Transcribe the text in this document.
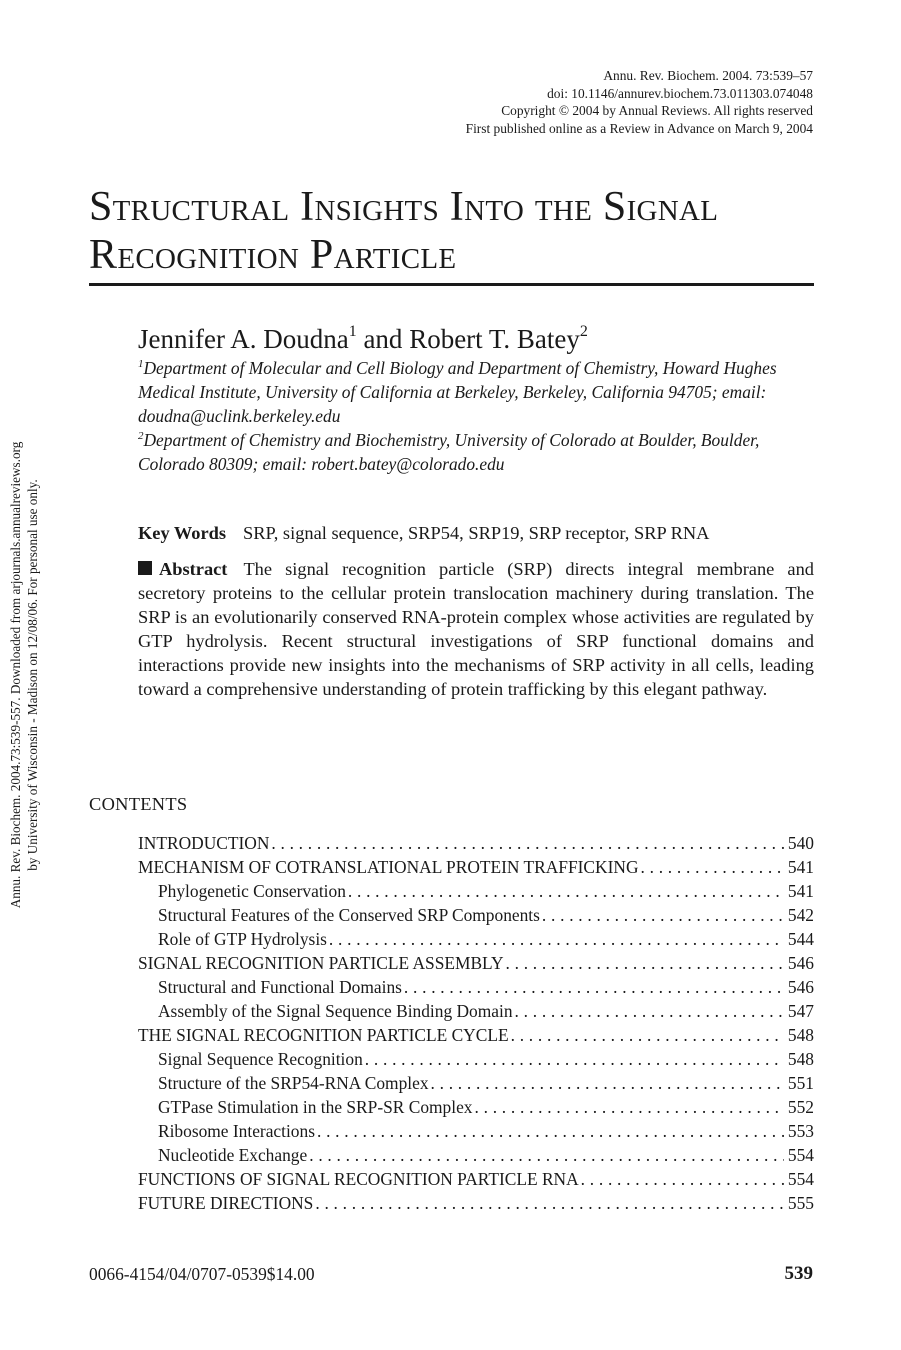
Annu. Rev. Biochem. 2004.73:539-557. Downloaded from arjournals.annualreviews.org by University of Wisconsin - Madison on 12/08/06. For personal use only.
Annu. Rev. Biochem. 2004. 73:539–57
doi: 10.1146/annurev.biochem.73.011303.074048
Copyright © 2004 by Annual Reviews. All rights reserved
First published online as a Review in Advance on March 9, 2004
Structural Insights Into the Signal
Recognition Particle
Jennifer A. Doudna$^1$ and Robert T. Batey$^2$
$^1$Department of Molecular and Cell Biology and Department of Chemistry, Howard Hughes Medical Institute, University of California at Berkeley, Berkeley, California 94705; email: doudna@uclink.berkeley.edu
$^2$Department of Chemistry and Biochemistry, University of Colorado at Boulder, Boulder, Colorado 80309; email: robert.batey@colorado.edu
Key Words SRP, signal sequence, SRP54, SRP19, SRP receptor, SRP RNA

Abstract The signal recognition particle (SRP) directs integral membrane and secretory proteins to the cellular protein translocation machinery during translation. The SRP is an evolutionarily conserved RNA-protein complex whose activities are regulated by GTP hydrolysis. Recent structural investigations of SRP functional domains and interactions provide new insights into the mechanisms of SRP activity in all cells, leading toward a comprehensive understanding of protein trafficking by this elegant pathway.

CONTENTS
INTRODUCTION . . .	540
MECHANISM OF COTRANSLATIONAL PROTEIN TRAFFICKING . . .	541
Phylogenetic Conservation . . .	541
Structural Features of the Conserved SRP Components . . .	542
Role of GTP Hydrolysis . . .	544
SIGNAL RECOGNITION PARTICLE ASSEMBLY . . .	546
Structural and Functional Domains . . .	546
Assembly of the Signal Sequence Binding Domain . . .	547
THE SIGNAL RECOGNITION PARTICLE CYCLE . . .	548
Signal Sequence Recognition . . .	548
Structure of the SRP54-RNA Complex . . .	551
GTPase Stimulation in the SRP-SR Complex . . .	552
Ribosome Interactions . . .	553
Nucleotide Exchange . . .	554
FUNCTIONS OF SIGNAL RECOGNITION PARTICLE RNA . . .	554
FUTURE DIRECTIONS . . .	555
0066-4154/04/0707-0539$14.00	539
